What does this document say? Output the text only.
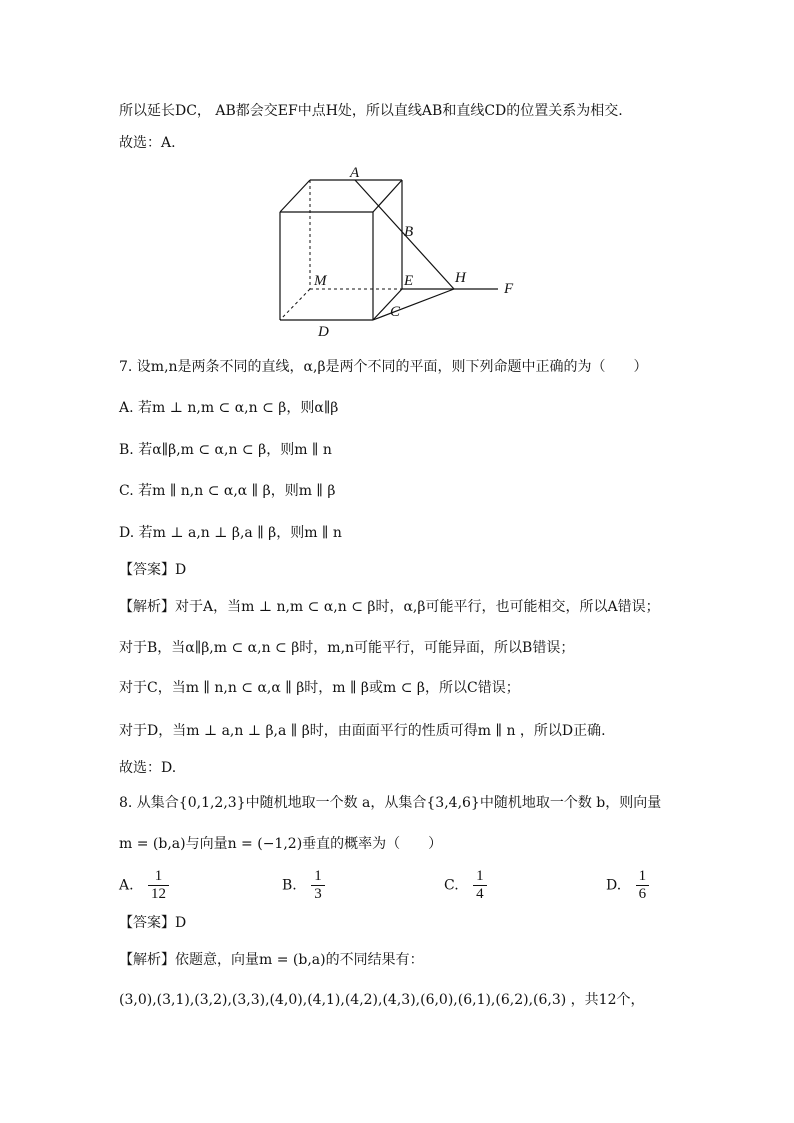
所以延长DC， AB都会交EF中点H处，所以直线AB和直线CD的位置关系为相交.
故选：A.
A
B
M	E	H
F
C
D
7. 设m,n是两条不同的直线，α,β是两个不同的平面，则下列命题中正确的为（　　）
A. 若m ⊥ n,m ⊂ α,n ⊂ β，则α∥β
B. 若α∥β,m ⊂ α,n ⊂ β，则m ∥ n
C. 若m ∥ n,n ⊂ α,α ∥ β，则m ∥ β
D. 若m ⊥ a,n ⊥ β,a ∥ β，则m ∥ n
【答案】D
【解析】对于A，当m ⊥ n,m ⊂ α,n ⊂ β时，α,β可能平行，也可能相交，所以A错误；
对于B，当α∥β,m ⊂ α,n ⊂ β时，m,n可能平行，可能异面，所以B错误；
对于C，当m ∥ n,n ⊂ α,α ∥ β时，m ∥ β或m ⊂ β，所以C错误；
对于D，当m ⊥ a,n ⊥ β,a ∥ β时，由面面平行的性质可得m ∥ n ，所以D正确.
故选：D.
8. 从集合{0,1,2,3}中随机地取一个数 a，从集合{3,4,6}中随机地取一个数 b，则向量
m = (b,a)与向量n = (−1,2)垂直的概率为（　　）
A. $\frac{1}{12}$	B. $\frac{1}{3}$	C. $\frac{1}{4}$	D. $\frac{1}{6}$
【答案】D
【解析】依题意，向量m = (b,a)的不同结果有：
(3,0),(3,1),(3,2),(3,3),(4,0),(4,1),(4,2),(4,3),(6,0),(6,1),(6,2),(6,3) ，共12个，
